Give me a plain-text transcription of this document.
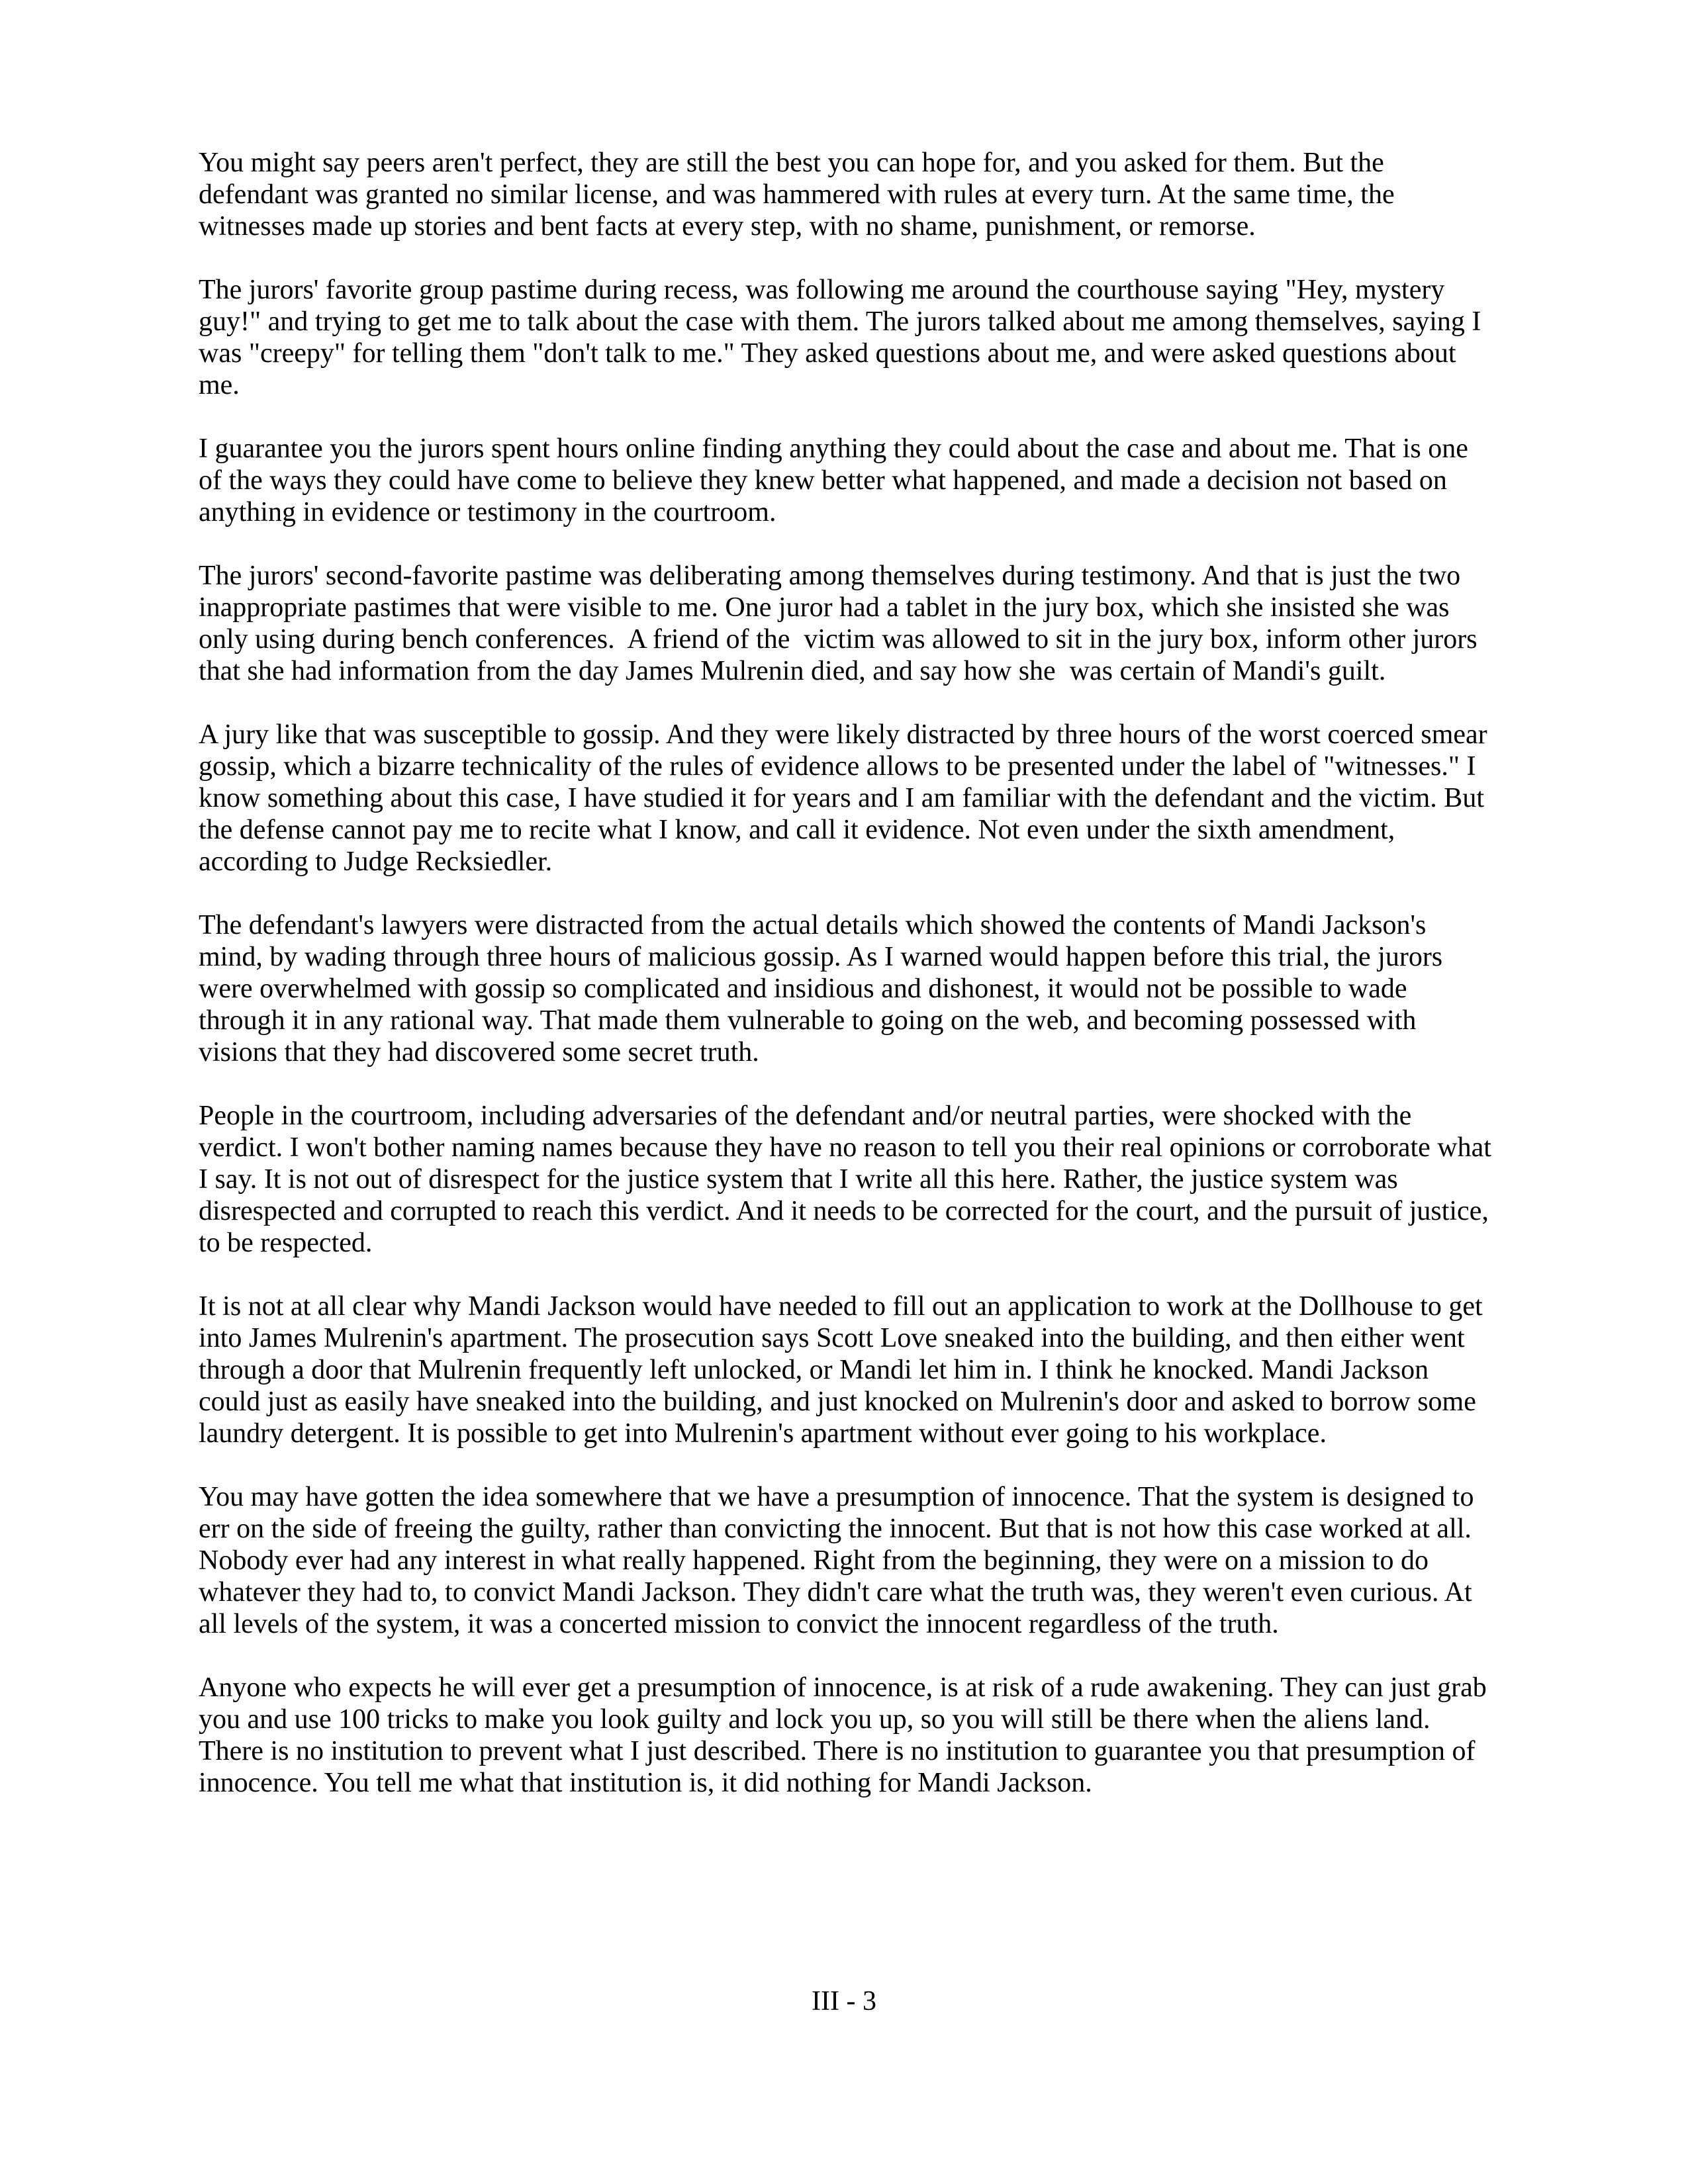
You might say peers aren't perfect, they are still the best you can hope for, and you asked for them. But the defendant was granted no similar license, and was hammered with rules at every turn. At the same time, the witnesses made up stories and bent facts at every step, with no shame, punishment, or remorse.

The jurors' favorite group pastime during recess, was following me around the courthouse saying "Hey, mystery guy!" and trying to get me to talk about the case with them. The jurors talked about me among themselves, saying I was "creepy" for telling them "don't talk to me." They asked questions about me, and were asked questions about me.

I guarantee you the jurors spent hours online finding anything they could about the case and about me. That is one of the ways they could have come to believe they knew better what happened, and made a decision not based on anything in evidence or testimony in the courtroom.

The jurors' second-favorite pastime was deliberating among themselves during testimony. And that is just the two inappropriate pastimes that were visible to me. One juror had a tablet in the jury box, which she insisted she was only using during bench conferences.  A friend of the  victim was allowed to sit in the jury box, inform other jurors that she had information from the day James Mulrenin died, and say how she  was certain of Mandi's guilt.

A jury like that was susceptible to gossip. And they were likely distracted by three hours of the worst coerced smear gossip, which a bizarre technicality of the rules of evidence allows to be presented under the label of "witnesses." I know something about this case, I have studied it for years and I am familiar with the defendant and the victim. But the defense cannot pay me to recite what I know, and call it evidence. Not even under the sixth amendment, according to Judge Recksiedler.

The defendant's lawyers were distracted from the actual details which showed the contents of Mandi Jackson's mind, by wading through three hours of malicious gossip. As I warned would happen before this trial, the jurors were overwhelmed with gossip so complicated and insidious and dishonest, it would not be possible to wade through it in any rational way. That made them vulnerable to going on the web, and becoming possessed with visions that they had discovered some secret truth.

People in the courtroom, including adversaries of the defendant and/or neutral parties, were shocked with the verdict. I won't bother naming names because they have no reason to tell you their real opinions or corroborate what I say. It is not out of disrespect for the justice system that I write all this here. Rather, the justice system was disrespected and corrupted to reach this verdict. And it needs to be corrected for the court, and the pursuit of justice, to be respected.

It is not at all clear why Mandi Jackson would have needed to fill out an application to work at the Dollhouse to get into James Mulrenin's apartment. The prosecution says Scott Love sneaked into the building, and then either went through a door that Mulrenin frequently left unlocked, or Mandi let him in. I think he knocked. Mandi Jackson could just as easily have sneaked into the building, and just knocked on Mulrenin's door and asked to borrow some laundry detergent. It is possible to get into Mulrenin's apartment without ever going to his workplace.

You may have gotten the idea somewhere that we have a presumption of innocence. That the system is designed to err on the side of freeing the guilty, rather than convicting the innocent. But that is not how this case worked at all. Nobody ever had any interest in what really happened. Right from the beginning, they were on a mission to do whatever they had to, to convict Mandi Jackson. They didn't care what the truth was, they weren't even curious. At all levels of the system, it was a concerted mission to convict the innocent regardless of the truth.

Anyone who expects he will ever get a presumption of innocence, is at risk of a rude awakening. They can just grab you and use 100 tricks to make you look guilty and lock you up, so you will still be there when the aliens land. There is no institution to prevent what I just described. There is no institution to guarantee you that presumption of innocence. You tell me what that institution is, it did nothing for Mandi Jackson.

III - 3
